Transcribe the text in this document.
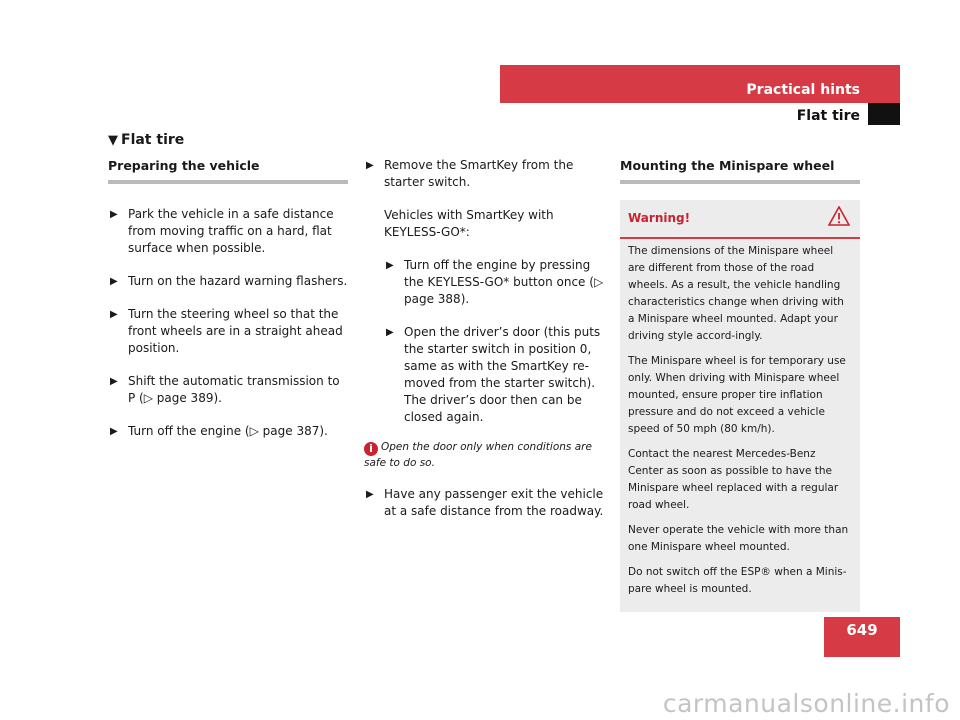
Practical hints
Flat tire
▼ Flat tire
Preparing the vehicle
▶ Park the vehicle in a safe distance from moving traffic on a hard, flat surface when possible.
▶ Turn on the hazard warning flashers.
▶ Turn the steering wheel so that the front wheels are in a straight ahead position.
▶ Shift the automatic transmission to P (▷ page 389).
▶ Turn off the engine (▷ page 387).
▶ Remove the SmartKey from the starter switch.
Vehicles with SmartKey with KEYLESS-GO*:
▶ Turn off the engine by pressing the KEYLESS-GO* button once (▷ page 388).
▶ Open the driver’s door (this puts the starter switch in position 0, same as with the SmartKey re-moved from the starter switch). The driver’s door then can be closed again.
i Open the door only when conditions are safe to do so.
▶ Have any passenger exit the vehicle at a safe distance from the roadway.
Mounting the Minispare wheel
Warning!

The dimensions of the Minispare wheel are different from those of the road wheels. As a result, the vehicle handling characteristics change when driving with a Minispare wheel mounted. Adapt your driving style accord-ingly.

The Minispare wheel is for temporary use only. When driving with Minispare wheel mounted, ensure proper tire inflation pressure and do not exceed a vehicle speed of 50 mph (80 km/h).

Contact the nearest Mercedes-Benz Center as soon as possible to have the Minispare wheel replaced with a regular road wheel.

Never operate the vehicle with more than one Minispare wheel mounted.

Do not switch off the ESP® when a Minis-pare wheel is mounted.

649
carmanualsonline.info
